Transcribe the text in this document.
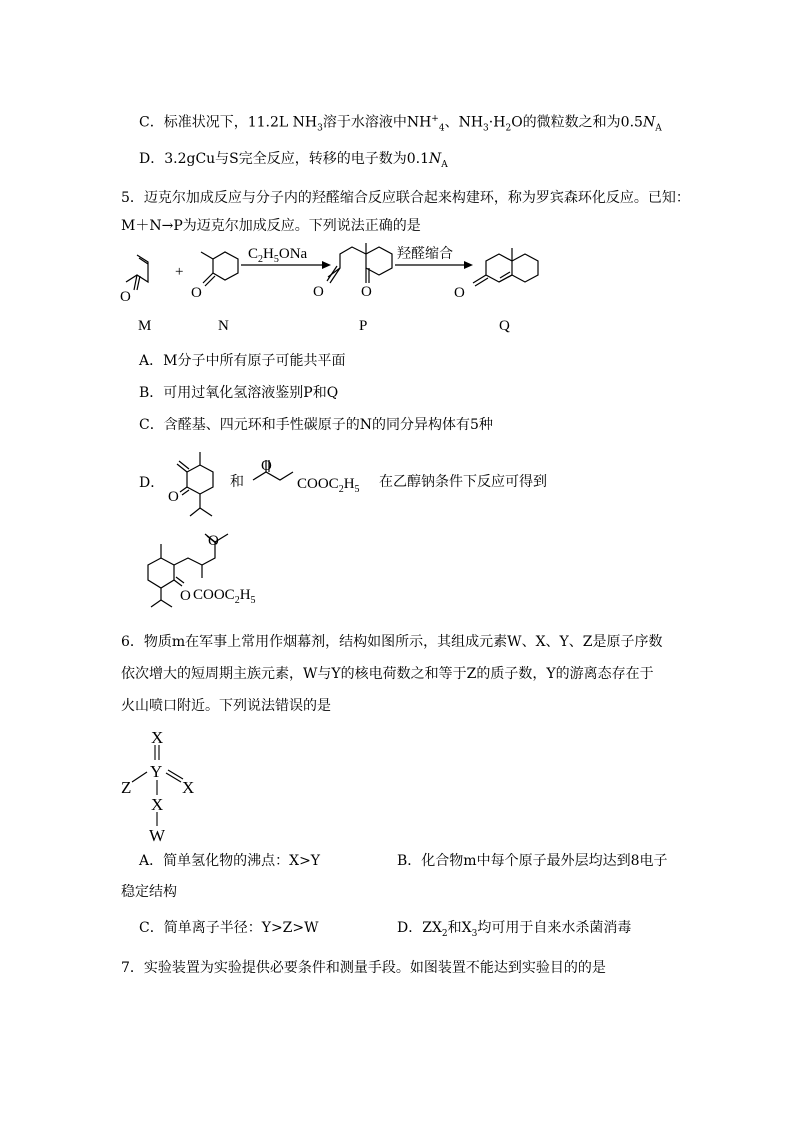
C．标准状况下，11.2L $NH_3$溶于水溶液中$NH^+_4$、$NH_3\cdot H_2O$的微粒数之和为$0.5N_A$
D．3.2gCu与S完全反应，转移的电子数为$0.1N_A$
5．迈克尔加成反应与分子内的羟醛缩合反应联合起来构建环，称为罗宾森环化反应。已知：
M＋N→P为迈克尔加成反应。下列说法正确的是
O
+
O
$C_2H_5ONa$
O O
羟醛缩合
O
M	N	P	Q
A．M分子中所有原子可能共平面
B．可用过氧化氢溶液鉴别P和Q
C．含醛基、四元环和手性碳原子的N的同分异构体有5种
D．
O
和
O
$COOC_2H_5$ 在乙醇钠条件下反应可得到
O
O
$COOC_2H_5$
6．物质m在军事上常用作烟幕剂，结构如图所示，其组成元素W、X、Y、Z是原子序数
依次增大的短周期主族元素，W与Y的核电荷数之和等于Z的质子数，Y的游离态存在于
火山喷口附近。下列说法错误的是
X
Y
Z	X
X
W
A．简单氢化物的沸点：X>Y	B．化合物m中每个原子最外层均达到8电子
稳定结构
C．简单离子半径：Y>Z>W	D．$ZX_2$和$X_3$均可用于自来水杀菌消毒
7．实验装置为实验提供必要条件和测量手段。如图装置不能达到实验目的的是
